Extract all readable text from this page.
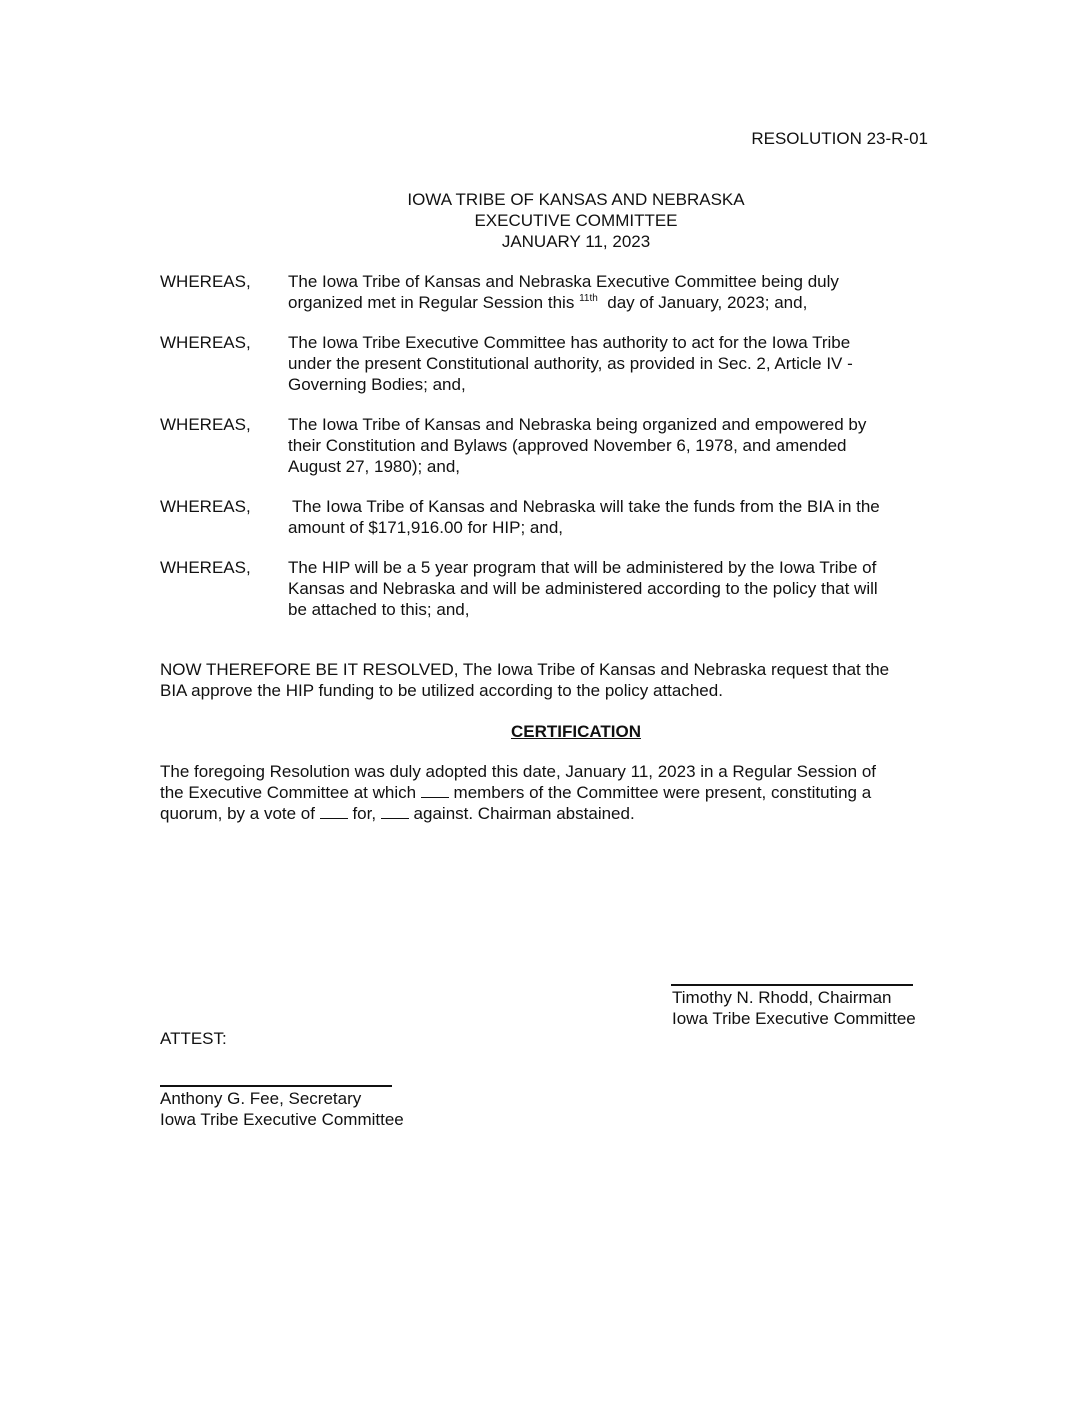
RESOLUTION 23-R-01
IOWA TRIBE OF KANSAS AND NEBRASKA
EXECUTIVE COMMITTEE
JANUARY 11, 2023
WHEREAS, The Iowa Tribe of Kansas and Nebraska Executive Committee being duly
organized met in Regular Session this $^{11th}$ day of January, 2023; and,
WHEREAS, The Iowa Tribe Executive Committee has authority to act for the Iowa Tribe
under the present Constitutional authority, as provided in Sec. 2, Article IV -
Governing Bodies; and,
WHEREAS, The Iowa Tribe of Kansas and Nebraska being organized and empowered by
their Constitution and Bylaws (approved November 6, 1978, and amended
August 27, 1980); and,
WHEREAS, The Iowa Tribe of Kansas and Nebraska will take the funds from the BIA in the
amount of $171,916.00 for HIP; and,
WHEREAS, The HIP will be a 5 year program that will be administered by the Iowa Tribe of
Kansas and Nebraska and will be administered according to the policy that will
be attached to this; and,
NOW THEREFORE BE IT RESOLVED, The Iowa Tribe of Kansas and Nebraska request that the
BIA approve the HIP funding to be utilized according to the policy attached.
CERTIFICATION
The foregoing Resolution was duly adopted this date, January 11, 2023 in a Regular Session of
the Executive Committee at which members of the Committee were present, constituting a
quorum, by a vote of for, against. Chairman abstained.
Timothy N. Rhodd, Chairman
Iowa Tribe Executive Committee
ATTEST:
Anthony G. Fee, Secretary
Iowa Tribe Executive Committee
